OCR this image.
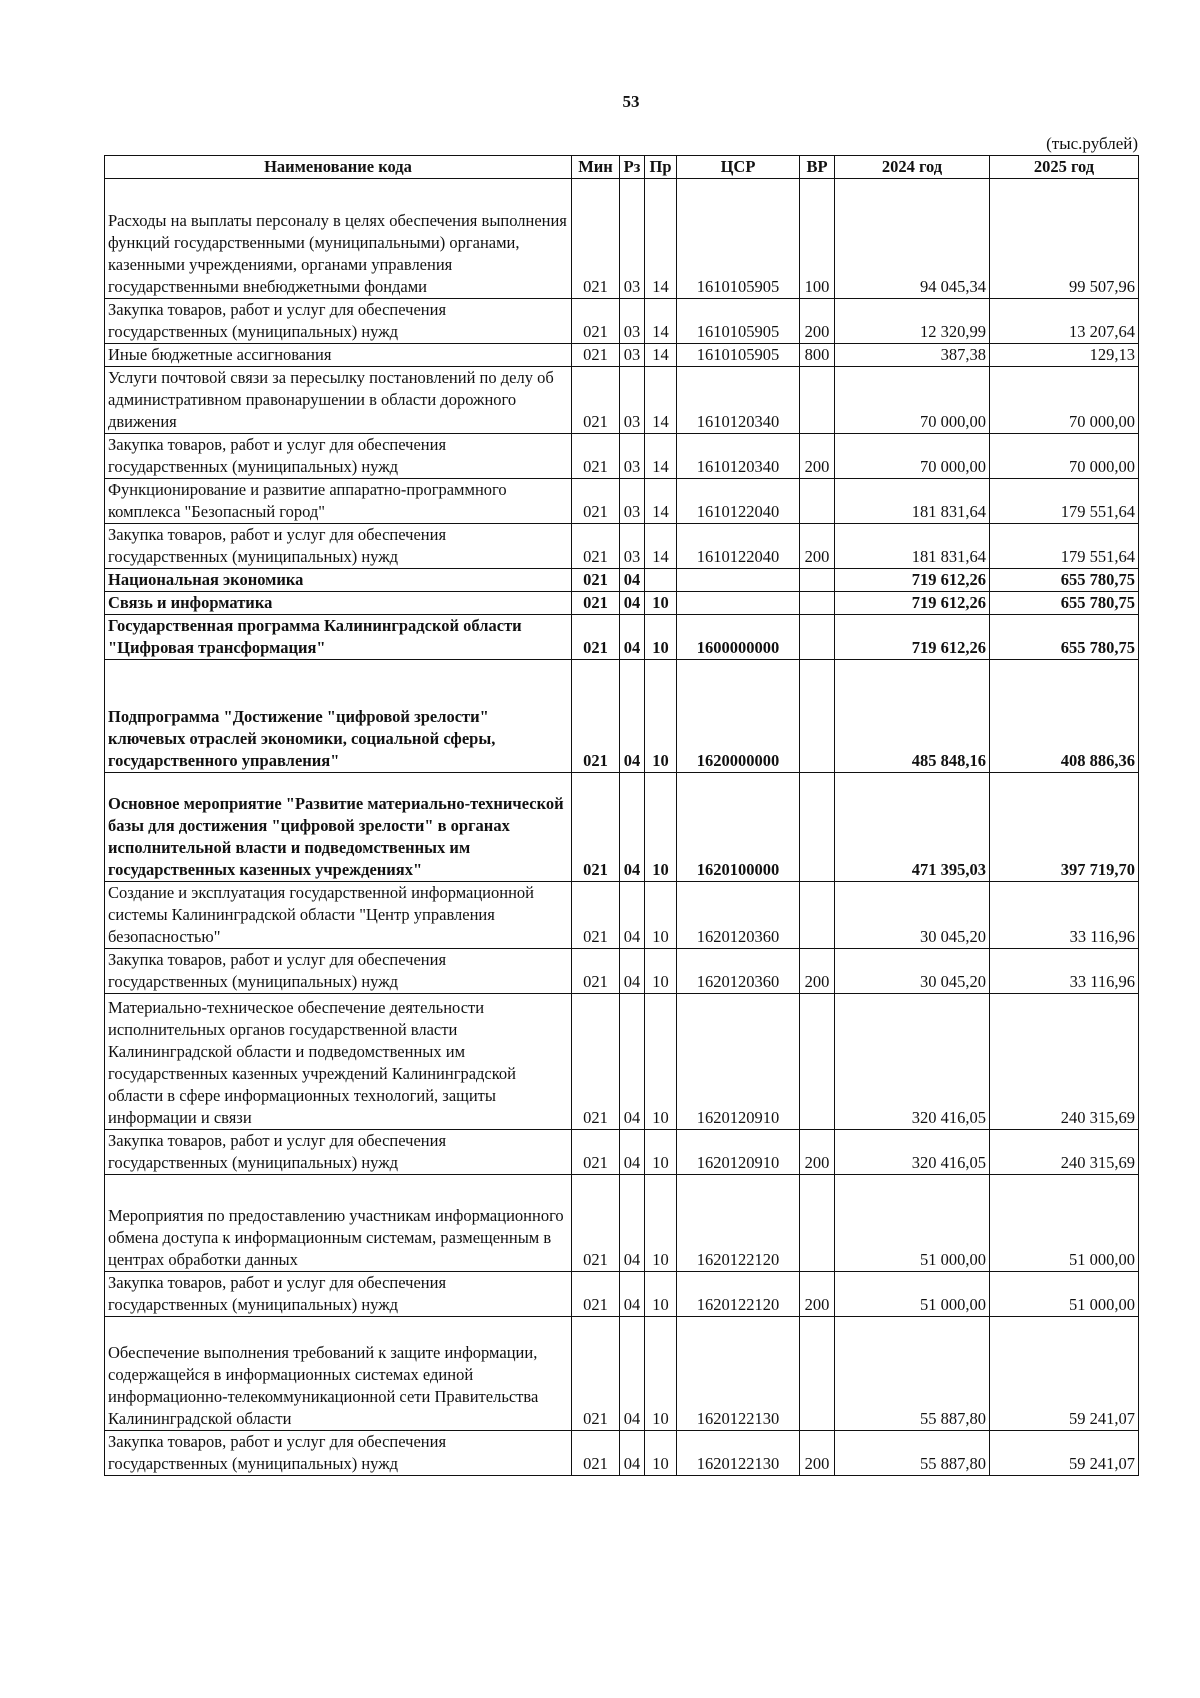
53
(тыс.рублей)
Наименование кода	Мин	Рз	Пр	ЦСР	ВР	2024 год	2025 год
Расходы на выплаты персоналу в целях обеспечения выполнения функций государственными (муниципальными) органами, казенными учреждениями, органами управления государственными внебюджетными фондами	021	03	14	1610105905	100	94 045,34	99 507,96
Закупка товаров, работ и услуг для обеспечения государственных (муниципальных) нужд	021	03	14	1610105905	200	12 320,99	13 207,64
Иные бюджетные ассигнования	021	03	14	1610105905	800	387,38	129,13
Услуги почтовой связи за пересылку постановлений по делу об административном правонарушении в области дорожного движения	021	03	14	1610120340		70 000,00	70 000,00
Закупка товаров, работ и услуг для обеспечения государственных (муниципальных) нужд	021	03	14	1610120340	200	70 000,00	70 000,00
Функционирование и развитие аппаратно-программного комплекса "Безопасный город"	021	03	14	1610122040		181 831,64	179 551,64
Закупка товаров, работ и услуг для обеспечения государственных (муниципальных) нужд	021	03	14	1610122040	200	181 831,64	179 551,64
Национальная экономика	021	04				719 612,26	655 780,75
Связь и информатика	021	04	10			719 612,26	655 780,75
Государственная программа Калининградской области "Цифровая трансформация"	021	04	10	1600000000		719 612,26	655 780,75
Подпрограмма "Достижение "цифровой зрелости" ключевых отраслей экономики, социальной сферы, государственного управления"	021	04	10	1620000000		485 848,16	408 886,36
Основное мероприятие "Развитие материально-технической базы для достижения "цифровой зрелости" в органах исполнительной власти и подведомственных им государственных казенных учреждениях"	021	04	10	1620100000		471 395,03	397 719,70
Создание и эксплуатация государственной информационной системы Калининградской области "Центр управления безопасностью"	021	04	10	1620120360		30 045,20	33 116,96
Закупка товаров, работ и услуг для обеспечения государственных (муниципальных) нужд	021	04	10	1620120360	200	30 045,20	33 116,96
Материально-техническое обеспечение деятельности исполнительных органов государственной власти Калининградской области и подведомственных им государственных казенных учреждений Калининградской области в сфере информационных технологий, защиты информации и связи	021	04	10	1620120910		320 416,05	240 315,69
Закупка товаров, работ и услуг для обеспечения государственных (муниципальных) нужд	021	04	10	1620120910	200	320 416,05	240 315,69
Мероприятия по предоставлению участникам информационного обмена доступа к информационным системам, размещенным в центрах обработки данных	021	04	10	1620122120		51 000,00	51 000,00
Закупка товаров, работ и услуг для обеспечения государственных (муниципальных) нужд	021	04	10	1620122120	200	51 000,00	51 000,00
Обеспечение выполнения требований к защите информации, содержащейся в информационных системах единой информационно-телекоммуникационной сети Правительства Калининградской области	021	04	10	1620122130		55 887,80	59 241,07
Закупка товаров, работ и услуг для обеспечения государственных (муниципальных) нужд	021	04	10	1620122130	200	55 887,80	59 241,07
